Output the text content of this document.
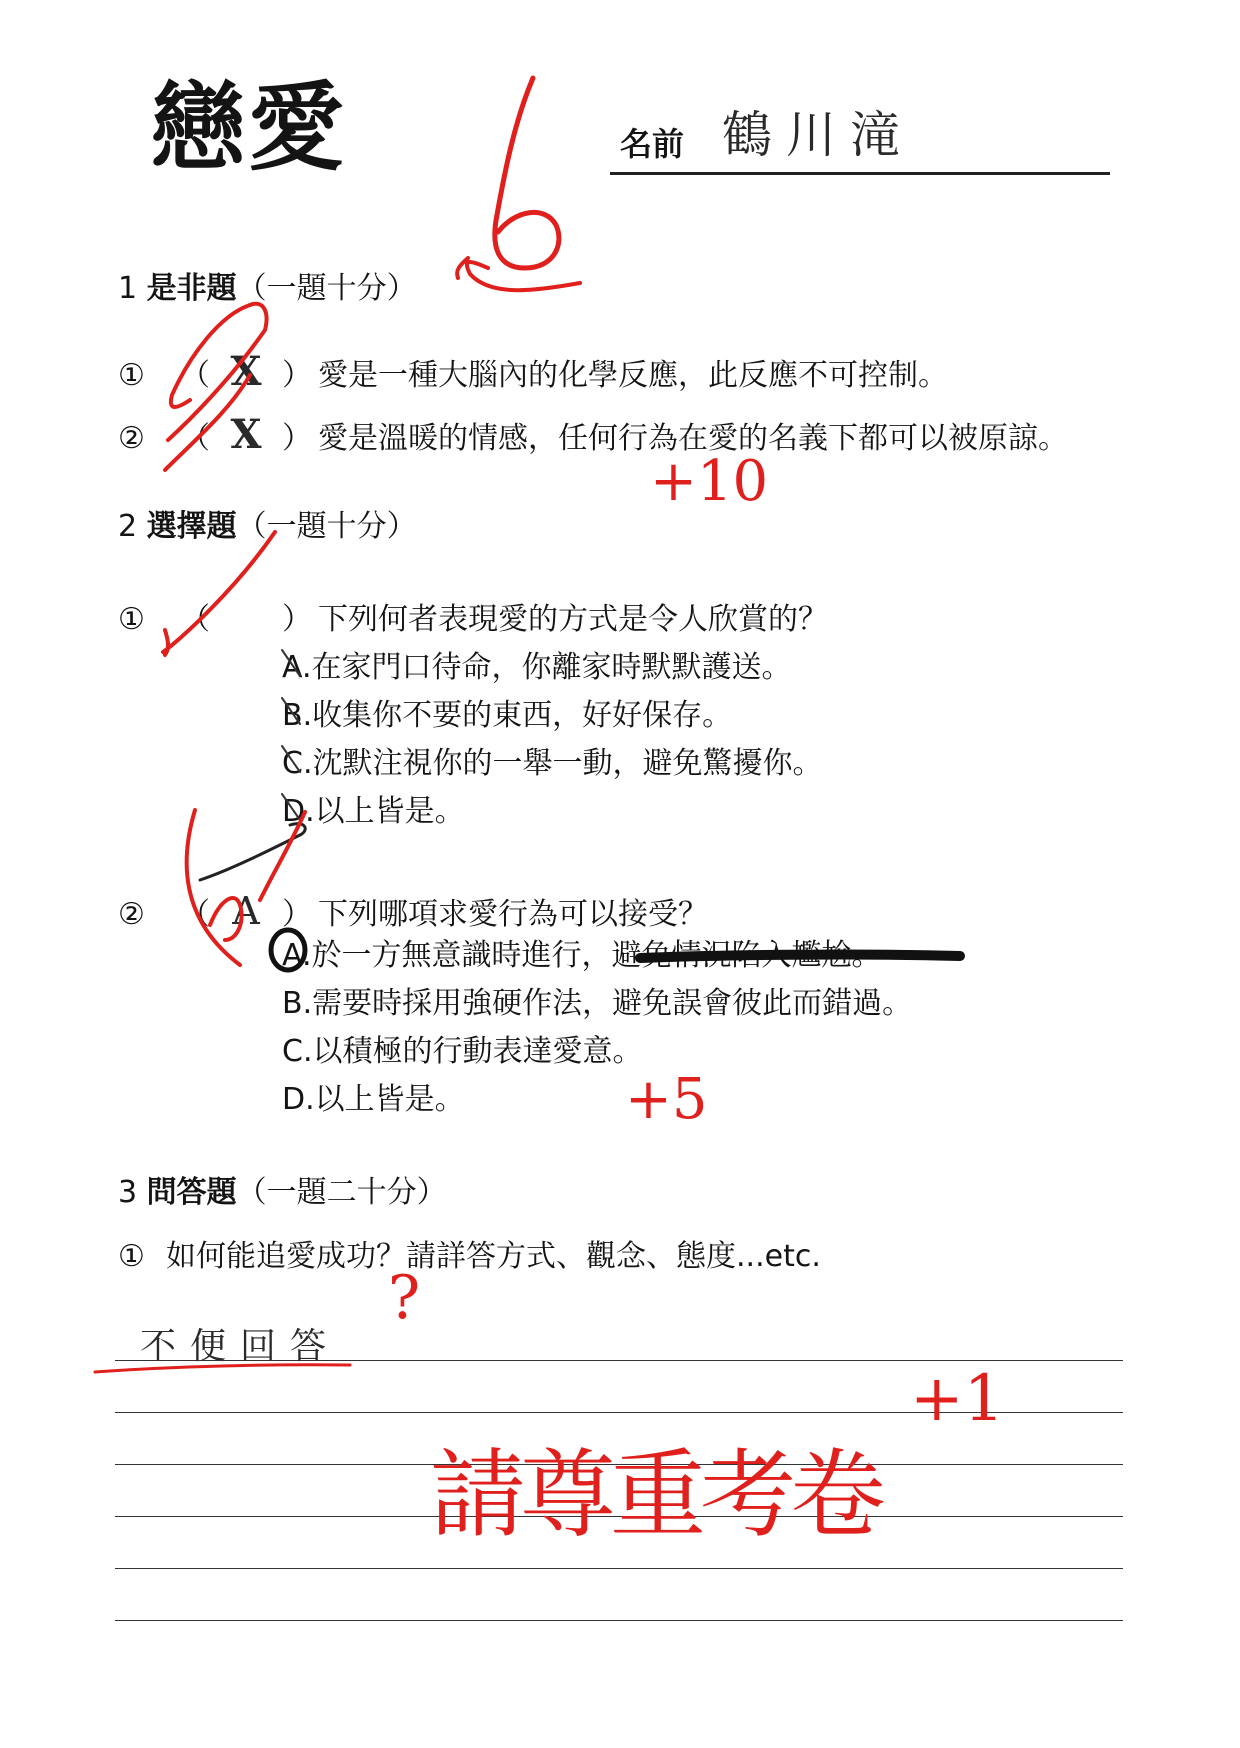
戀愛	名前 鶴川滝
1 是非題（一題十分）
① （ X ） 愛是一種大腦內的化學反應，此反應不可控制。
② （ X ） 愛是溫暖的情感，任何行為在愛的名義下都可以被原諒。
2 選擇題（一題十分）
① （ ） 下列何者表現愛的方式是令人欣賞的？
A.在家門口待命，你離家時默默護送。
B.收集你不要的東西，好好保存。
C.沈默注視你的一舉一動，避免驚擾你。
D.以上皆是。
② （ A ） 下列哪項求愛行為可以接受？
A.於一方無意識時進行，避免情況陷入尷尬。
B.需要時採用強硬作法，避免誤會彼此而錯過。
C.以積極的行動表達愛意。
D.以上皆是。
3 問答題（一題二十分）
① 如何能追愛成功？請詳答方式、觀念、態度...etc.
不便回答
+10
+5
+1
?
請尊重考卷
